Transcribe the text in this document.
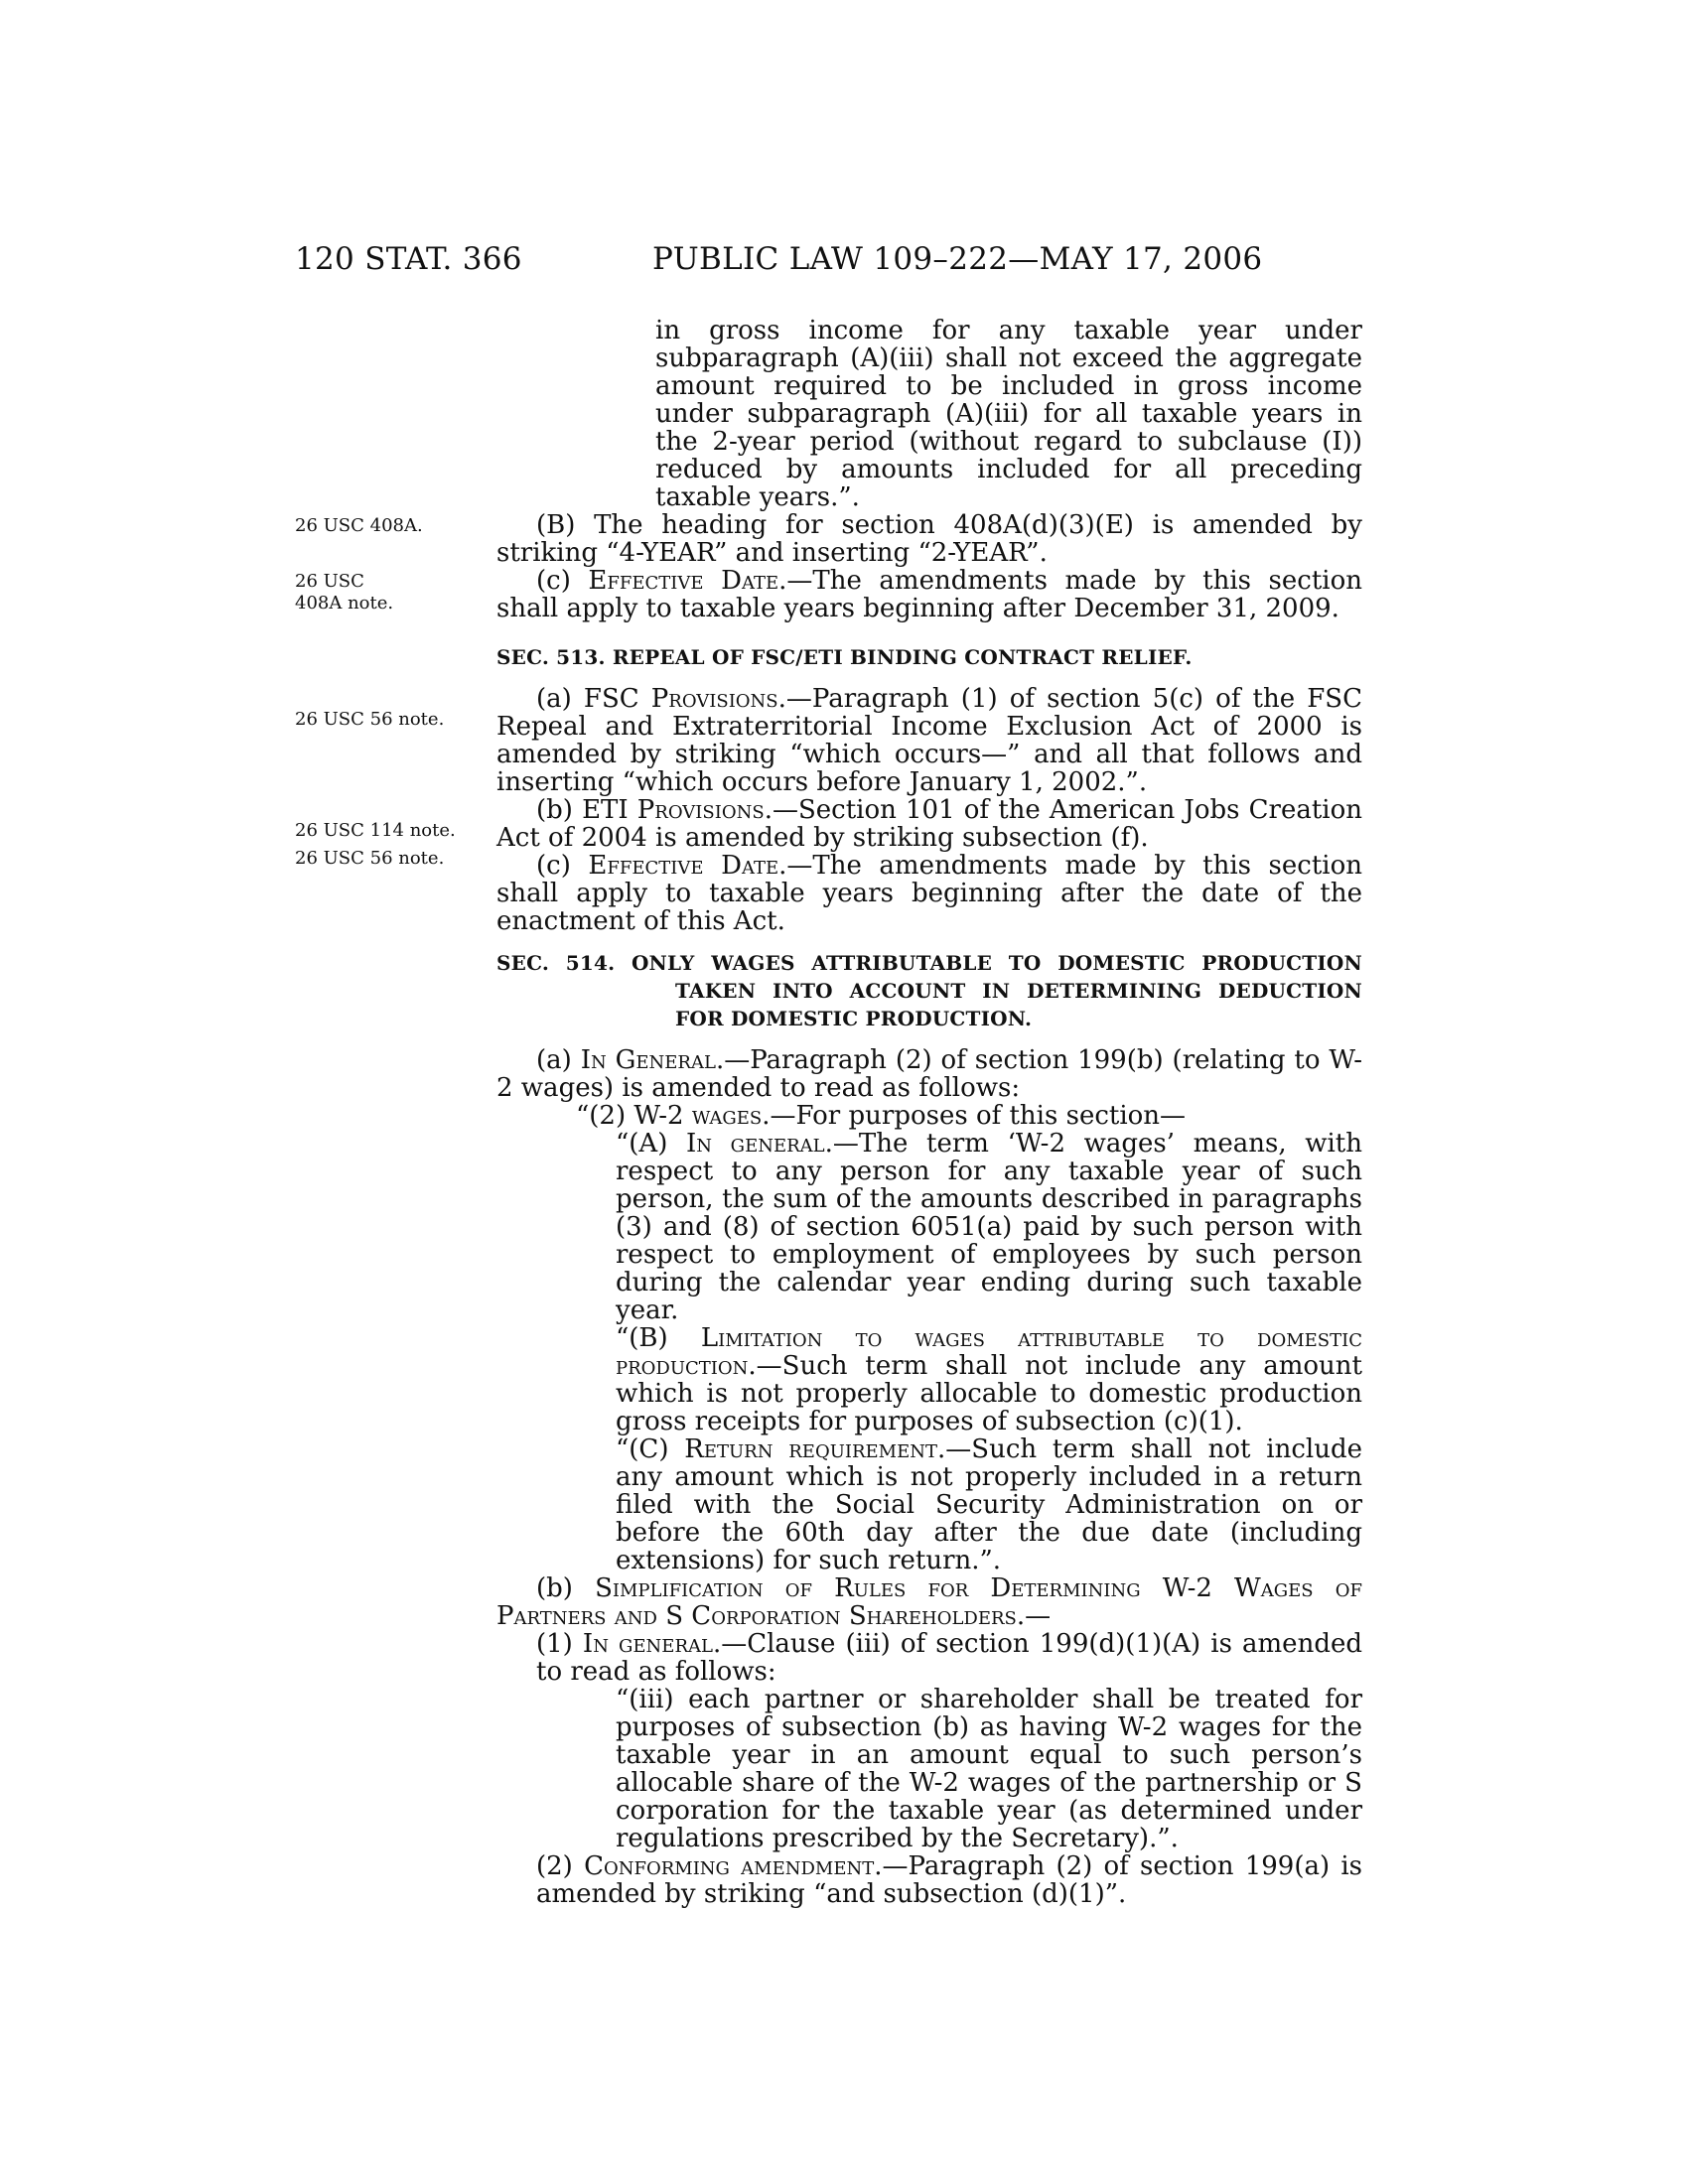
120 STAT. 366	PUBLIC LAW 109–222—MAY 17, 2006
26 USC 408A.
26 USC 408A note.
26 USC 56 note.
26 USC 114 note.
26 USC 56 note.

in gross income for any taxable year under subparagraph (A)(iii) shall not exceed the aggregate amount required to be included in gross income under subparagraph (A)(iii) for all taxable years in the 2-year period (without regard to subclause (I)) reduced by amounts included for all preceding taxable years.”.

(B) The heading for section 408A(d)(3)(E) is amended by striking “4-YEAR” and inserting “2-YEAR”.

(c) Effective Date.—The amendments made by this section shall apply to taxable years beginning after December 31, 2009.

SEC. 513. REPEAL OF FSC/ETI BINDING CONTRACT RELIEF.

(a) FSC Provisions.—Paragraph (1) of section 5(c) of the FSC Repeal and Extraterritorial Income Exclusion Act of 2000 is amended by striking “which occurs—” and all that follows and inserting “which occurs before January 1, 2002.”.

(b) ETI Provisions.—Section 101 of the American Jobs Creation Act of 2004 is amended by striking subsection (f).

(c) Effective Date.—The amendments made by this section shall apply to taxable years beginning after the date of the enactment of this Act.

SEC. 514. ONLY WAGES ATTRIBUTABLE TO DOMESTIC PRODUCTION TAKEN INTO ACCOUNT IN DETERMINING DEDUCTION FOR DOMESTIC PRODUCTION.

(a) In General.—Paragraph (2) of section 199(b) (relating to W-2 wages) is amended to read as follows:

“(2) W-2 wages.—For purposes of this section—

“(A) In general.—The term ‘W-2 wages’ means, with respect to any person for any taxable year of such person, the sum of the amounts described in paragraphs (3) and (8) of section 6051(a) paid by such person with respect to employment of employees by such person during the calendar year ending during such taxable year.

“(B) Limitation to wages attributable to domestic production.—Such term shall not include any amount which is not properly allocable to domestic production gross receipts for purposes of subsection (c)(1).

“(C) Return requirement.—Such term shall not include any amount which is not properly included in a return filed with the Social Security Administration on or before the 60th day after the due date (including extensions) for such return.”.

(b) Simplification of Rules for Determining W-2 Wages of Partners and S Corporation Shareholders.—

(1) In general.—Clause (iii) of section 199(d)(1)(A) is amended to read as follows:

“(iii) each partner or shareholder shall be treated for purposes of subsection (b) as having W-2 wages for the taxable year in an amount equal to such person’s allocable share of the W-2 wages of the partnership or S corporation for the taxable year (as determined under regulations prescribed by the Secretary).”.

(2) Conforming amendment.—Paragraph (2) of section 199(a) is amended by striking “and subsection (d)(1)”.
